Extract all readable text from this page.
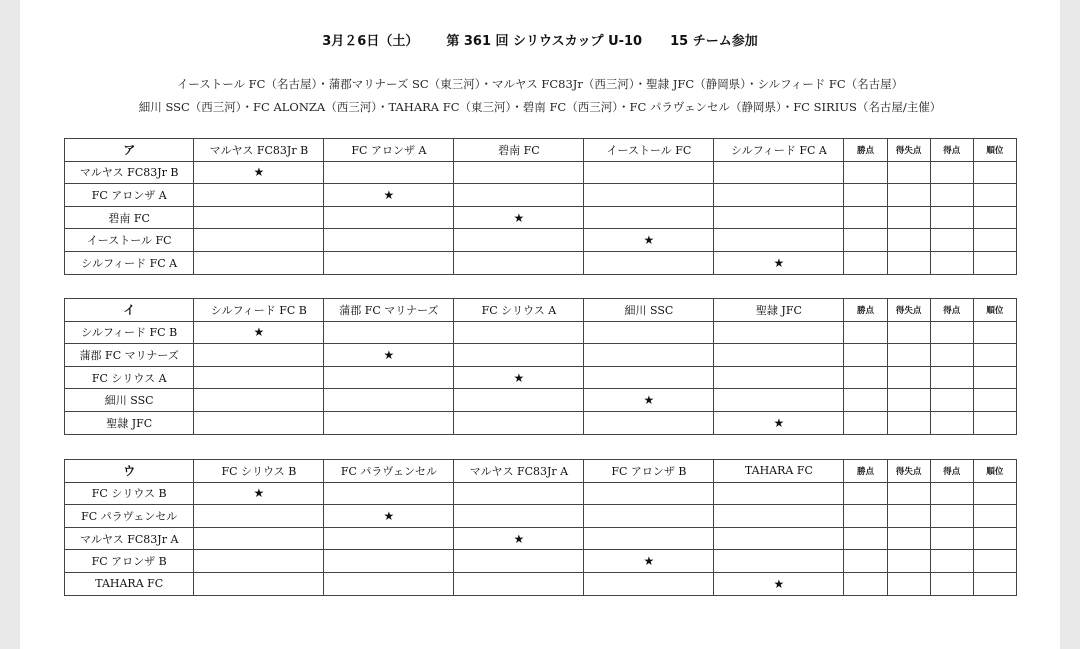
3月２6日（土） 第 361 回 シリウスカップ U-10 15 チーム参加
イーストール FC（名古屋）・蒲郡マリナーズ SC（東三河）・マルヤス FC83Jr（西三河）・聖隷 JFC（静岡県）・シルフィード FC（名古屋）
細川 SSC（西三河）・FC ALONZA（西三河）・TAHARA FC（東三河）・碧南 FC（西三河）・FC パラヴェンセル（静岡県）・FC SIRIUS（名古屋/主催）
ア	マルヤス FC83Jr B	FC アロンザ A	碧南 FC	イーストール FC	シルフィード FC A	勝点	得失点	得点	順位
マルヤス FC83Jr B	★								
FC アロンザ A		★							
碧南 FC			★						
イーストール FC				★					
シルフィード FC A					★				
イ	シルフィード FC B	蒲郡 FC マリナーズ	FC シリウス A	細川 SSC	聖隷 JFC	勝点	得失点	得点	順位
シルフィード FC B	★								
蒲郡 FC マリナーズ		★							
FC シリウス A			★						
細川 SSC				★					
聖隷 JFC					★				
ウ	FC シリウス B	FC パラヴェンセル	マルヤス FC83Jr A	FC アロンザ B	TAHARA FC	勝点	得失点	得点	順位
FC シリウス B	★								
FC パラヴェンセル		★							
マルヤス FC83Jr A			★						
FC アロンザ B				★					
TAHARA FC					★				
